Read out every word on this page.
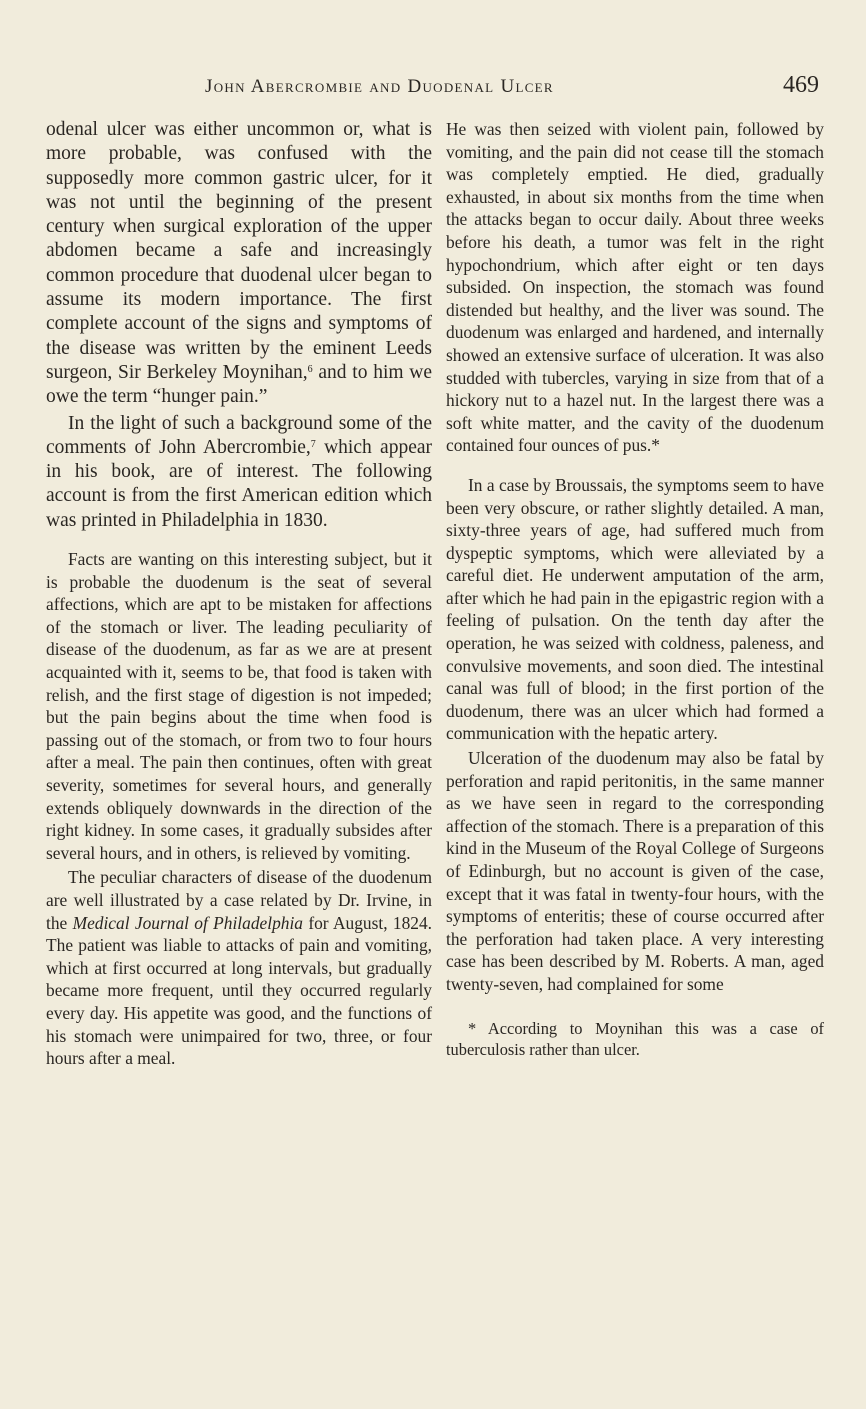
John Abercrombie and Duodenal Ulcer	469

odenal ulcer was either uncommon or, what is more probable, was confused with the supposedly more common gastric ulcer, for it was not until the beginning of the present century when surgical exploration of the upper abdomen became a safe and increasingly common procedure that duodenal ulcer began to assume its modern importance. The first complete account of the signs and symptoms of the disease was written by the eminent Leeds surgeon, Sir Berkeley Moynihan,$^6$ and to him we owe the term “hunger pain.”

In the light of such a background some of the comments of John Abercrombie,$^7$ which appear in his book, are of interest. The following account is from the first American edition which was printed in Philadelphia in 1830.

Facts are wanting on this interesting subject, but it is probable the duodenum is the seat of several affections, which are apt to be mistaken for affections of the stomach or liver. The leading peculiarity of disease of the duodenum, as far as we are at present acquainted with it, seems to be, that food is taken with relish, and the first stage of digestion is not impeded; but the pain begins about the time when food is passing out of the stomach, or from two to four hours after a meal. The pain then continues, often with great severity, sometimes for several hours, and generally extends obliquely downwards in the direction of the right kidney. In some cases, it gradually subsides after several hours, and in others, is relieved by vomiting.

The peculiar characters of disease of the duodenum are well illustrated by a case related by Dr. Irvine, in the Medical Journal of Philadelphia for August, 1824. The patient was liable to attacks of pain and vomiting, which at first occurred at long intervals, but gradually became more frequent, until they occurred regularly every day. His appetite was good, and the functions of his stomach were unimpaired for two, three, or four hours after a meal.

He was then seized with violent pain, followed by vomiting, and the pain did not cease till the stomach was completely emptied. He died, gradually exhausted, in about six months from the time when the attacks began to occur daily. About three weeks before his death, a tumor was felt in the right hypochondrium, which after eight or ten days subsided. On inspection, the stomach was found distended but healthy, and the liver was sound. The duodenum was enlarged and hardened, and internally showed an extensive surface of ulceration. It was also studded with tubercles, varying in size from that of a hickory nut to a hazel nut. In the largest there was a soft white matter, and the cavity of the duodenum contained four ounces of pus.*

In a case by Broussais, the symptoms seem to have been very obscure, or rather slightly detailed. A man, sixty-three years of age, had suffered much from dyspeptic symptoms, which were alleviated by a careful diet. He underwent amputation of the arm, after which he had pain in the epigastric region with a feeling of pulsation. On the tenth day after the operation, he was seized with coldness, paleness, and convulsive movements, and soon died. The intestinal canal was full of blood; in the first portion of the duodenum, there was an ulcer which had formed a communication with the hepatic artery.

Ulceration of the duodenum may also be fatal by perforation and rapid peritonitis, in the same manner as we have seen in regard to the corresponding affection of the stomach. There is a preparation of this kind in the Museum of the Royal College of Surgeons of Edinburgh, but no account is given of the case, except that it was fatal in twenty-four hours, with the symptoms of enteritis; these of course occurred after the perforation had taken place. A very interesting case has been described by M. Roberts. A man, aged twenty-seven, had complained for some

* According to Moynihan this was a case of tuberculosis rather than ulcer.
